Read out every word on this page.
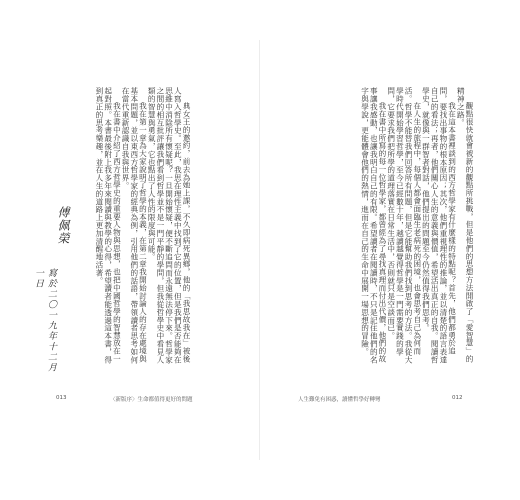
典女王的邀約，前去為她上課，不久即病死異鄉，他的「我思故我在」被後人寫入哲學史。至此，我思在理性主義中找到了它的位置，但是我們是否能夠在思維中消除所有懷疑呢？一旦開始懷疑，便不斷追問而永遠無法停下來。哲學家之間的相互批評讓我們看到哲學並不是一門平靜的學問，但我從哲學史中看見人類的智慧與勇氣，它也點出了人性的限度與可能。

我在第一章為大家說明了哲學的本義，在第二章我開始討論人的存在處境與基本問題，並以東西方哲學家的經典為例，引用他們的話語，帶領讀者思考如何在當代重新認識自我與世界。

我在書中介紹了西方哲學史的重要人物與思想，也把中國哲學的智慧放在一起對照。本書最後附上我多年來閱讀與教學的心得，希望讀者能透過這本書，得到真正的思考樂趣，並在人生的道路上更加清醒地活著。

傅佩榮
寫於二〇一九年十二月一日
013	〈新版序〉生命都值得更好的問題

觀點很快就會被新的觀點所挑戰，但是他們的思想方法開啟了「愛智慧」的精神之路。

我在這本書裡談到的西方哲學家有什麼樣的特點呢？首先，他們都勇於追問，要找出事物的根本原因；其次，他們重視理性的推論，並以清楚的語言表達自己的看法；再者，他們關心人生的意義與價值，希望活出真正的自我。閱讀哲學史，就像與一群智者對話，他們提出的問題至今仍然值得我們思考。

在人生的旅程中，每個人都會面臨生老病死的困境，也會思考自己為何而活。哲學不能替我們回答所有問題，但是它能幫助我們找到思考的方法。我從大學時代開始學習哲學，至今已經數十年，越讀越覺得哲學是一門需要實踐的學問，它要求我們把所學的道理落實在日常生活中，否則就只是空談而已。

我在書中所寫的每一位哲學家，都曾經為了尋找真理而付出代價，他們的故事讓我感動，也讓我明白自己的有限。希望讀者在閱讀時，不只是記住他們的名字與學說，更能體會他們的熱情，進而在自己的生命中展開一場思想的冒險。

人生難免有困惑，讀懂哲學好轉彎	012
